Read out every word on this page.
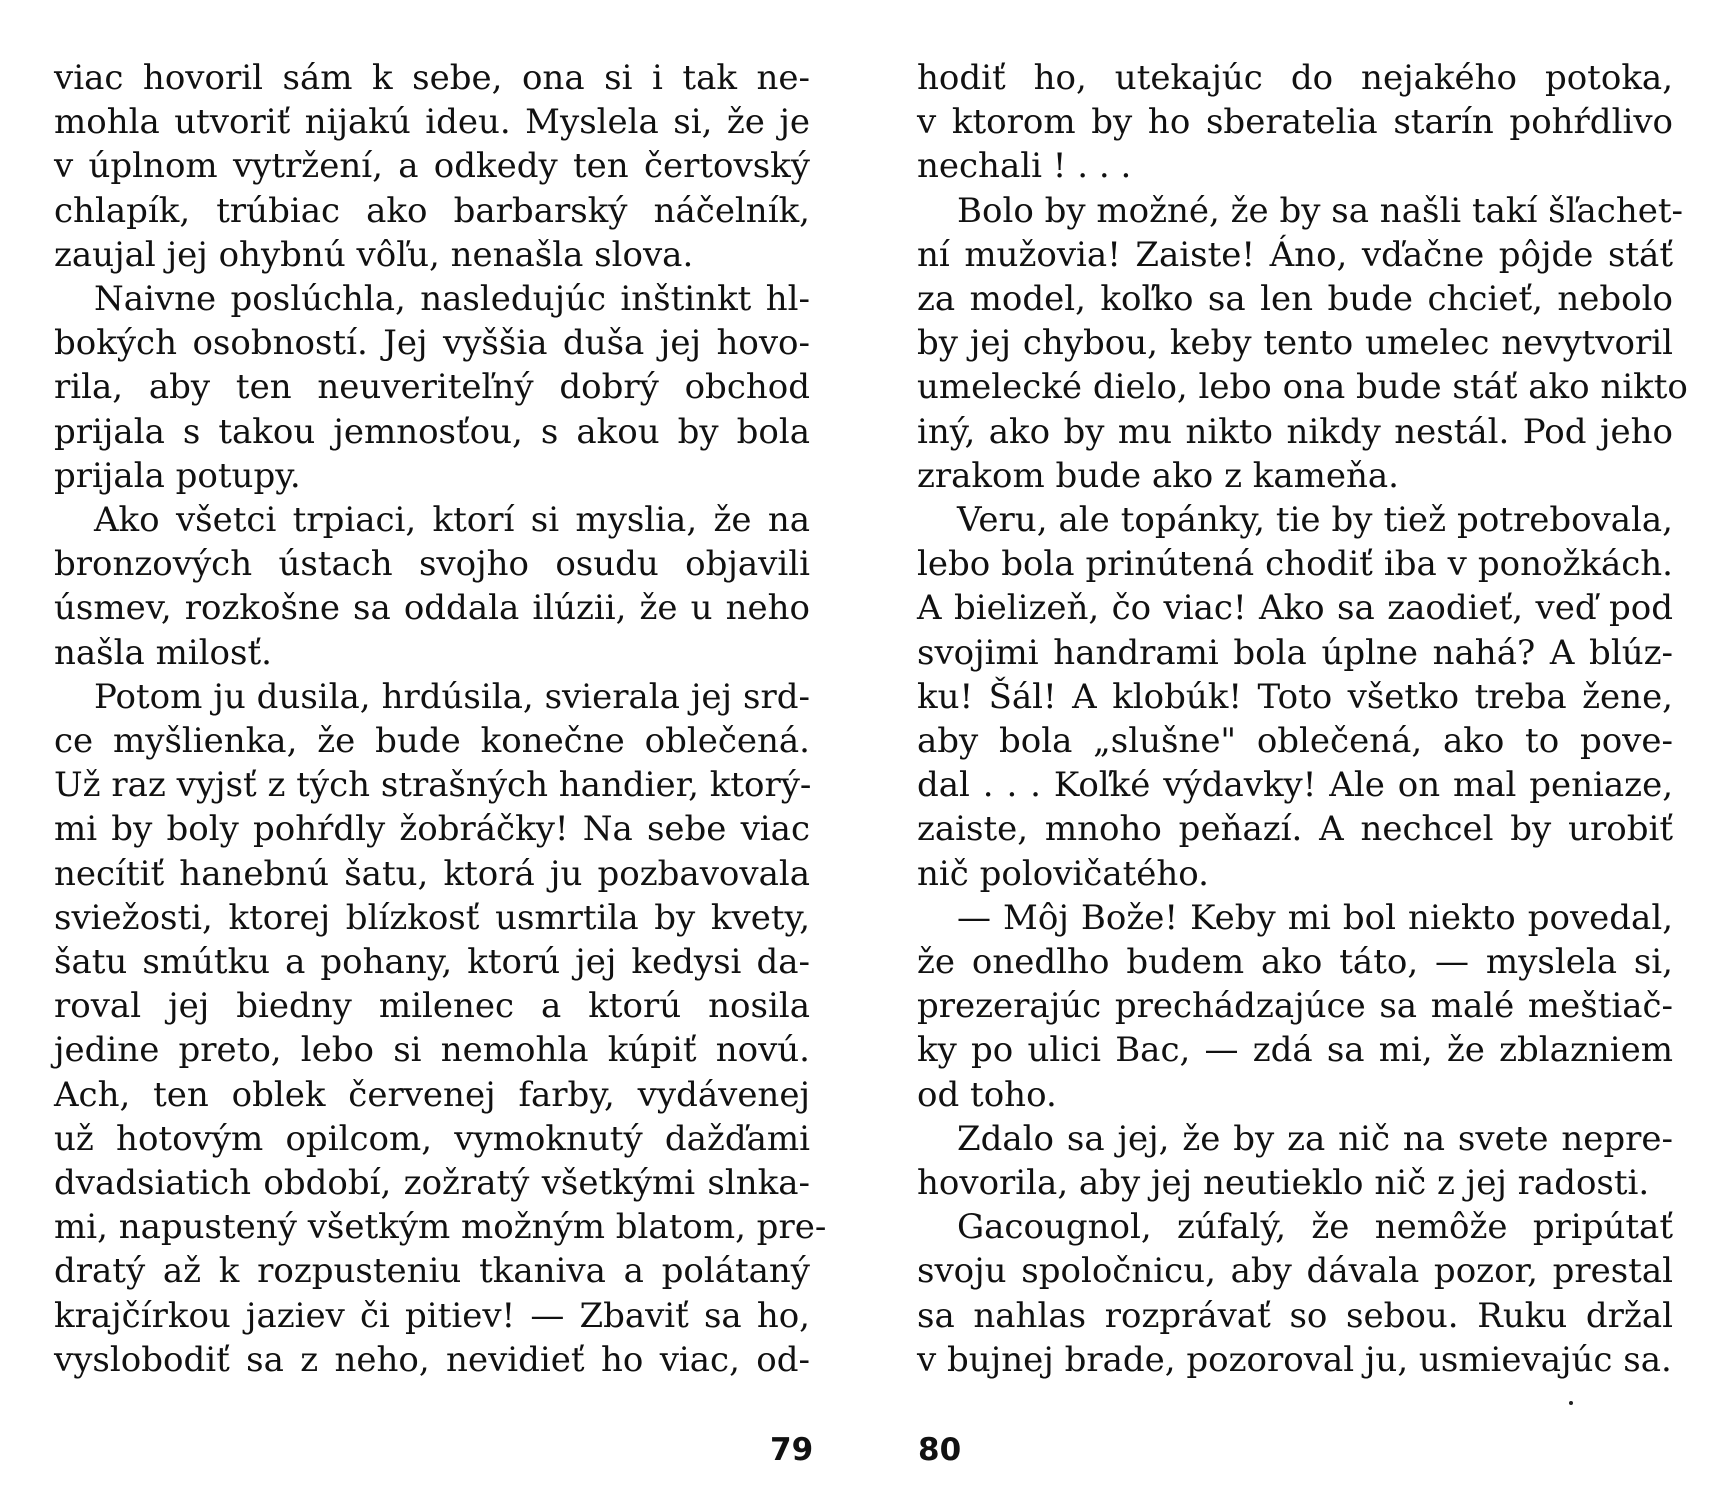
viac hovoril sám k sebe, ona si i tak ne-
mohla utvoriť nijakú ideu. Myslela si, že je
v úplnom vytržení, a odkedy ten čertovský
chlapík, trúbiac ako barbarský náčelník,
zaujal jej ohybnú vôľu, nenašla slova.

Naivne poslúchla, nasledujúc inštinkt hl-
bokých osobností. Jej vyššia duša jej hovo-
rila, aby ten neuveriteľný dobrý obchod
prijala s takou jemnosťou, s akou by bola
prijala potupy.

Ako všetci trpiaci, ktorí si myslia, že na
bronzových ústach svojho osudu objavili
úsmev, rozkošne sa oddala ilúzii, že u neho
našla milosť.

Potom ju dusila, hrdúsila, svierala jej srd-
ce myšlienka, že bude konečne oblečená.
Už raz vyjsť z tých strašných handier, ktorý-
mi by boly pohŕdly žobráčky! Na sebe viac
necítiť hanebnú šatu, ktorá ju pozbavovala
sviežosti, ktorej blízkosť usmrtila by kvety,
šatu smútku a pohany, ktorú jej kedysi da-
roval jej biedny milenec a ktorú nosila
jedine preto, lebo si nemohla kúpiť novú.
Ach, ten oblek červenej farby, vydávenej
už hotovým opilcom, vymoknutý dažďami
dvadsiatich období, zožratý všetkými slnka-
mi, napustený všetkým možným blatom, pre-
dratý až k rozpusteniu tkaniva a polátaný
krajčírkou jaziev či pitiev! — Zbaviť sa ho,
vyslobodiť sa z neho, nevidieť ho viac, od-

hodiť ho, utekajúc do nejakého potoka,
v ktorom by ho sberatelia starín pohŕdlivo
nechali ! . . .

Bolo by možné, že by sa našli takí šľachet-
ní mužovia! Zaiste! Áno, vďačne pôjde stáť
za model, koľko sa len bude chcieť, nebolo
by jej chybou, keby tento umelec nevytvoril
umelecké dielo, lebo ona bude stáť ako nikto
iný, ako by mu nikto nikdy nestál. Pod jeho
zrakom bude ako z kameňa.

Veru, ale topánky, tie by tiež potrebovala,
lebo bola prinútená chodiť iba v ponožkách.
A bielizeň, čo viac! Ako sa zaodieť, veď pod
svojimi handrami bola úplne nahá? A blúz-
ku! Šál! A klobúk! Toto všetko treba žene,
aby bola „slušne" oblečená, ako to pove-
dal . . . Koľké výdavky! Ale on mal peniaze,
zaiste, mnoho peňazí. A nechcel by urobiť
nič polovičatého.

— Môj Bože! Keby mi bol niekto povedal,
že onedlho budem ako táto, — myslela si,
prezerajúc prechádzajúce sa malé meštiač-
ky po ulici Bac, — zdá sa mi, že zblazniem
od toho.

Zdalo sa jej, že by za nič na svete nepre-
hovorila, aby jej neutieklo nič z jej radosti.

Gacougnol, zúfalý, že nemôže pripútať
svoju spoločnicu, aby dávala pozor, prestal
sa nahlas rozprávať so sebou. Ruku držal
v bujnej brade, pozoroval ju, usmievajúc sa.

79	80
